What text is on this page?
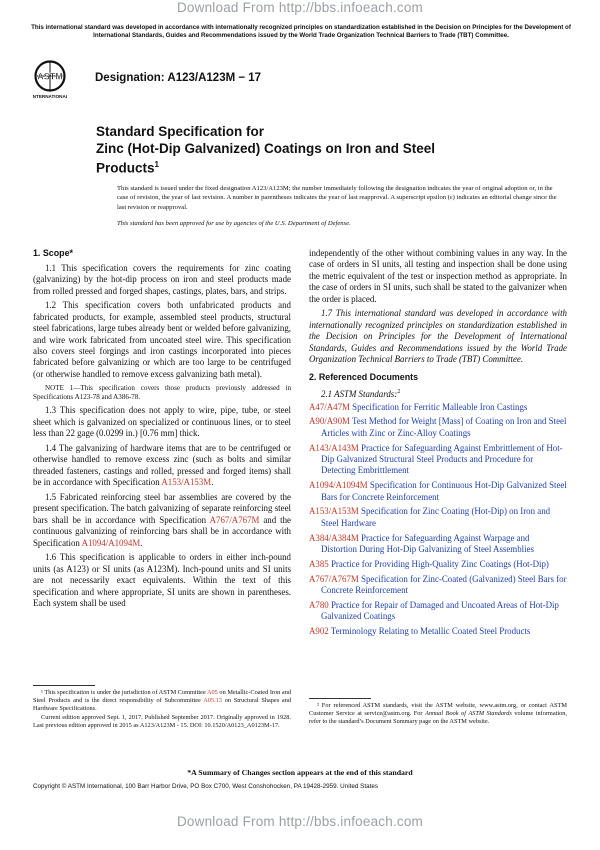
Download From http://bbs.infoeach.com
This international standard was developed in accordance with internationally recognized principles on standardization established in the Decision on Principles for the Development of International Standards, Guides and Recommendations issued by the World Trade Organization Technical Barriers to Trade (TBT) Committee.
ASTM
INTERNATIONAL
Designation: A123/A123M − 17
Standard Specification for
Zinc (Hot-Dip Galvanized) Coatings on Iron and Steel
Products$^1$
This standard is issued under the fixed designation A123/A123M; the number immediately following the designation indicates the year of original adoption or, in the case of revision, the year of last revision. A number in parentheses indicates the year of last reapproval. A superscript epsilon (ε) indicates an editorial change since the last revision or reapproval.
This standard has been approved for use by agencies of the U.S. Department of Defense.

1. Scope*

1.1 This specification covers the requirements for zinc coating (galvanizing) by the hot-dip process on iron and steel products made from rolled pressed and forged shapes, castings, plates, bars, and strips.

1.2 This specification covers both unfabricated products and fabricated products, for example, assembled steel products, structural steel fabrications, large tubes already bent or welded before galvanizing, and wire work fabricated from uncoated steel wire. This specification also covers steel forgings and iron castings incorporated into pieces fabricated before galvanizing or which are too large to be centrifuged (or otherwise handled to remove excess galvanizing bath metal).

NOTE 1—This specification covers those products previously addressed in Specifications A123-78 and A386-78.

1.3 This specification does not apply to wire, pipe, tube, or steel sheet which is galvanized on specialized or continuous lines, or to steel less than 22 gage (0.0299 in.) [0.76 mm] thick.

1.4 The galvanizing of hardware items that are to be centrifuged or otherwise handled to remove excess zinc (such as bolts and similar threaded fasteners, castings and rolled, pressed and forged items) shall be in accordance with Specification A153/A153M.

1.5 Fabricated reinforcing steel bar assemblies are covered by the present specification. The batch galvanizing of separate reinforcing steel bars shall be in accordance with Specification A767/A767M and the continuous galvanizing of reinforcing bars shall be in accordance with Specification A1094/A1094M.

1.6 This specification is applicable to orders in either inch-pound units (as A123) or SI units (as A123M). Inch-pound units and SI units are not necessarily exact equivalents. Within the text of this specification and where appropriate, SI units are shown in parentheses. Each system shall be used

independently of the other without combining values in any way. In the case of orders in SI units, all testing and inspection shall be done using the metric equivalent of the test or inspection method as appropriate. In the case of orders in SI units, such shall be stated to the galvanizer when the order is placed.

1.7 This international standard was developed in accordance with internationally recognized principles on standardization established in the Decision on Principles for the Development of International Standards, Guides and Recommendations issued by the World Trade Organization Technical Barriers to Trade (TBT) Committee.

2. Referenced Documents

2.1 ASTM Standards:$^2$

A47/A47M Specification for Ferritic Malleable Iron Castings

A90/A90M Test Method for Weight [Mass] of Coating on Iron and Steel Articles with Zinc or Zinc-Alloy Coatings

A143/A143M Practice for Safeguarding Against Embrittlement of Hot-Dip Galvanized Structural Steel Products and Procedure for Detecting Embrittlement

A1094/A1094M Specification for Continuous Hot-Dip Galvanized Steel Bars for Concrete Reinforcement

A153/A153M Specification for Zinc Coating (Hot-Dip) on Iron and Steel Hardware

A384/A384M Practice for Safeguarding Against Warpage and Distortion During Hot-Dip Galvanizing of Steel Assemblies

A385 Practice for Providing High-Quality Zinc Coatings (Hot-Dip)

A767/A767M Specification for Zinc-Coated (Galvanized) Steel Bars for Concrete Reinforcement

A780 Practice for Repair of Damaged and Uncoated Areas of Hot-Dip Galvanized Coatings

A902 Terminology Relating to Metallic Coated Steel Products

¹ This specification is under the jurisdiction of ASTM Committee A05 on Metallic-Coated Iron and Steel Products and is the direct responsibility of Subcommittee A05.13 on Structural Shapes and Hardware Specifications.

Current edition approved Sept. 1, 2017. Published September 2017. Originally approved in 1928. Last previous edition approved in 2015 as A123/A123M - 15. DOI: 10.1520/A0123_A0123M-17.

² For referenced ASTM standards, visit the ASTM website, www.astm.org, or contact ASTM Customer Service at service@astm.org. For Annual Book of ASTM Standards volume information, refer to the standard’s Document Summary page on the ASTM website.

*A Summary of Changes section appears at the end of this standard
Copyright © ASTM International, 100 Barr Harbor Drive, PO Box C700, West Conshohocken, PA 19428-2959. United States
Download From http://bbs.infoeach.com
